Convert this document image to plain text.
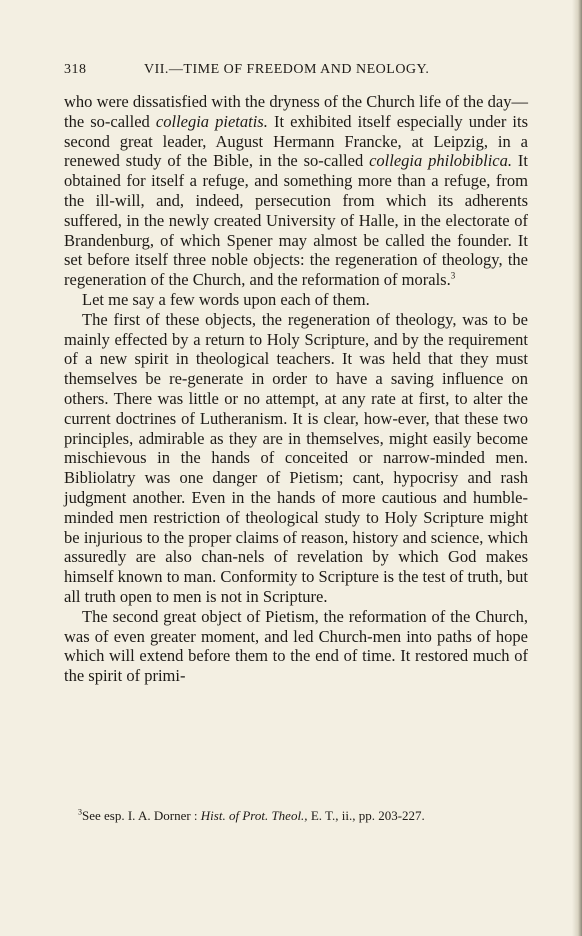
318	VII.—TIME OF FREEDOM AND NEOLOGY.

who were dissatisfied with the dryness of the Church life of the day—the so-called collegia pietatis. It exhibited itself especially under its second great leader, August Hermann Francke, at Leipzig, in a renewed study of the Bible, in the so-called collegia philobiblica. It obtained for itself a refuge, and something more than a refuge, from the ill-will, and, indeed, persecution from which its adherents suffered, in the newly created University of Halle, in the electorate of Brandenburg, of which Spener may almost be called the founder. It set before itself three noble objects: the regeneration of theology, the regeneration of the Church, and the reformation of morals.$^3$

Let me say a few words upon each of them.

The first of these objects, the regeneration of theology, was to be mainly effected by a return to Holy Scripture, and by the requirement of a new spirit in theological teachers. It was held that they must themselves be re-generate in order to have a saving influence on others. There was little or no attempt, at any rate at first, to alter the current doctrines of Lutheranism. It is clear, how-ever, that these two principles, admirable as they are in themselves, might easily become mischievous in the hands of conceited or narrow-minded men. Bibliolatry was one danger of Pietism; cant, hypocrisy and rash judgment another. Even in the hands of more cautious and humble-minded men restriction of theological study to Holy Scripture might be injurious to the proper claims of reason, history and science, which assuredly are also chan-nels of revelation by which God makes himself known to man. Conformity to Scripture is the test of truth, but all truth open to men is not in Scripture.

The second great object of Pietism, the reformation of the Church, was of even greater moment, and led Church-men into paths of hope which will extend before them to the end of time. It restored much of the spirit of primi-

$^3$See esp. I. A. Dorner : Hist. of Prot. Theol., E. T., ii., pp. 203-227.
